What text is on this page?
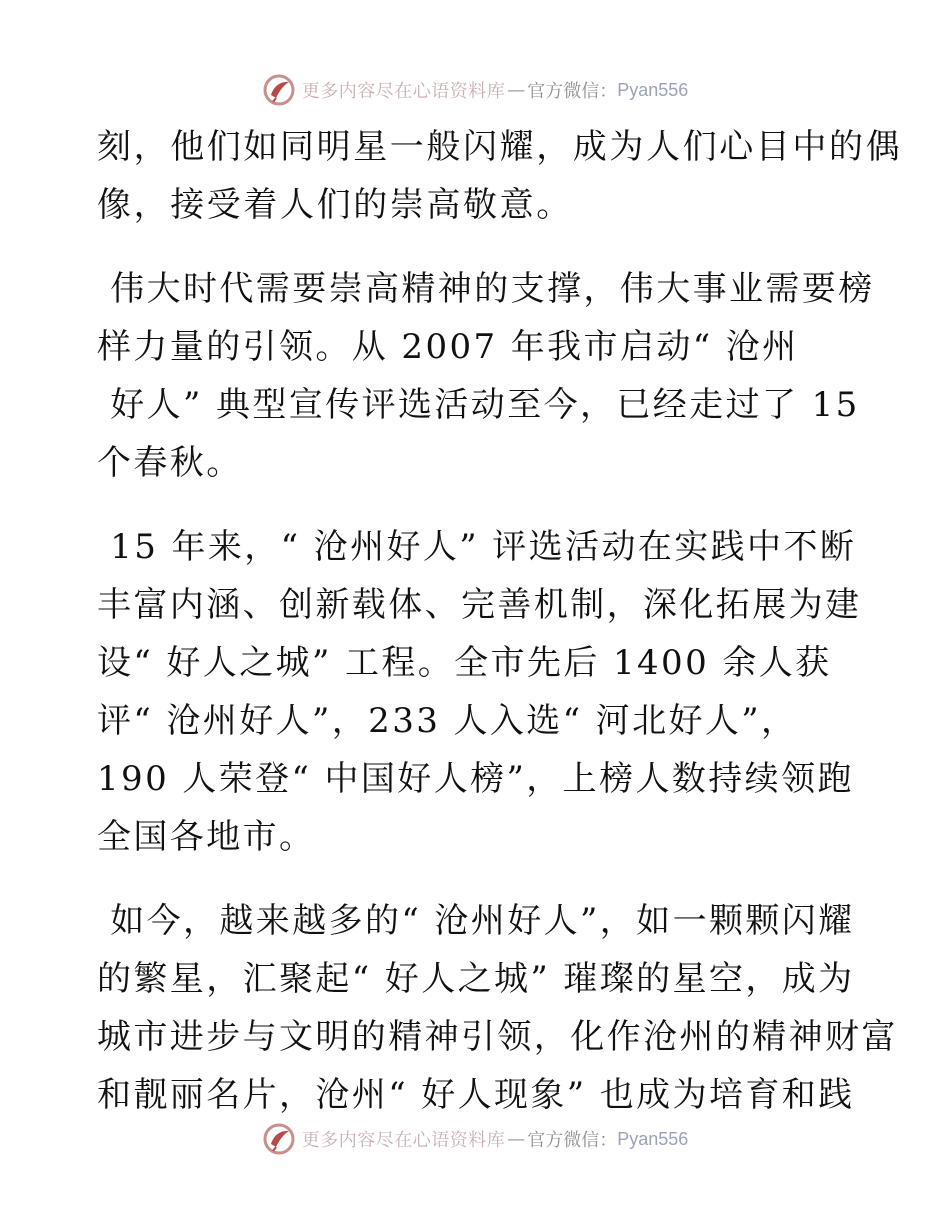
更多内容尽在心语资料库 — 官方微信： Pyan556
刻，他们如同明星一般闪耀，成为人们心目中的偶
像，接受着人们的崇高敬意。
伟大时代需要崇高精神的支撑，伟大事业需要榜
样力量的引领。从 2007 年我市启动“ 沧州
好人” 典型宣传评选活动至今，已经走过了 15
个春秋。
15 年来，“ 沧州好人” 评选活动在实践中不断
丰富内涵、创新载体、完善机制，深化拓展为建
设“ 好人之城” 工程。全市先后 1400 余人获
评“ 沧州好人”，233 人入选“ 河北好人”，
190 人荣登“ 中国好人榜”，上榜人数持续领跑
全国各地市。
如今，越来越多的“ 沧州好人”，如一颗颗闪耀
的繁星，汇聚起“ 好人之城” 璀璨的星空，成为
城市进步与文明的精神引领，化作沧州的精神财富
和靓丽名片，沧州“ 好人现象” 也成为培育和践
更多内容尽在心语资料库 — 官方微信： Pyan556
